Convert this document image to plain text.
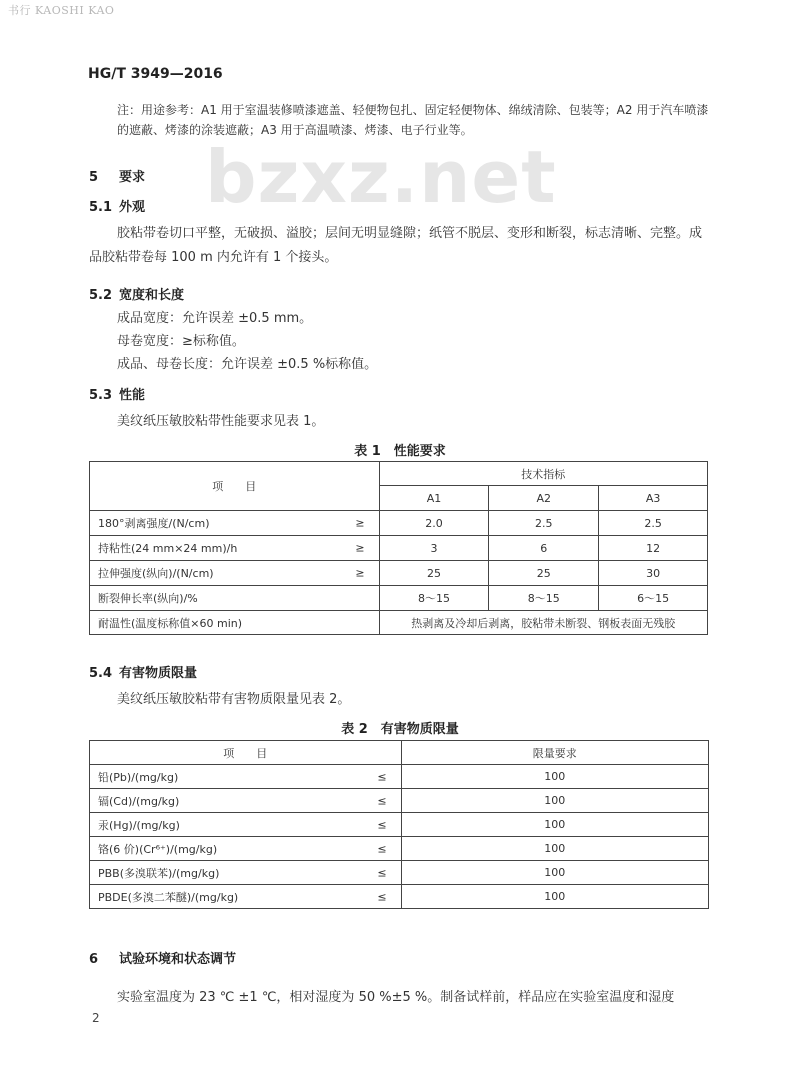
书行 KAOSHI KAO
HG/T 3949—2016
注：用途参考：A1 用于室温装修喷漆遮盖、轻便物包扎、固定轻便物体、绵绒清除、包装等；A2 用于汽车喷漆的遮蔽、烤漆的涂装遮蔽；A3 用于高温喷漆、烤漆、电子行业等。
bzxz.net
5 要求
5.1 外观
胶粘带卷切口平整，无破损、溢胶；层间无明显缝隙；纸管不脱层、变形和断裂，标志清晰、完整。成品胶粘带卷每 100 m 内允许有 1 个接头。
5.2 宽度和长度
成品宽度：允许误差 ±0.5 mm。
母卷宽度：≥标称值。
成品、母卷长度：允许误差 ±0.5 %标称值。
5.3 性能
美纹纸压敏胶粘带性能要求见表 1。
表 1　性能要求
项　　目	技术指标		
	A1	A2	A3
180°剥离强度/(N/cm) ≥	2.0	2.5	2.5
持粘性(24 mm×24 mm)/h ≥	3	6	12
拉伸强度(纵向)/(N/cm) ≥	25	25	30
断裂伸长率(纵向)/%	8～15	8～15	6～15
耐温性(温度标称值×60 min)	热剥离及冷却后剥离，胶粘带未断裂、钢板表面无残胶		
5.4 有害物质限量
美纹纸压敏胶粘带有害物质限量见表 2。
表 2　有害物质限量
项　　目	限量要求
铅(Pb)/(mg/kg) ≤	100
镉(Cd)/(mg/kg) ≤	100
汞(Hg)/(mg/kg) ≤	100
铬(6 价)(Cr⁶⁺)/(mg/kg) ≤	100
PBB(多溴联苯)/(mg/kg) ≤	100
PBDE(多溴二苯醚)/(mg/kg) ≤	100
6 试验环境和状态调节
实验室温度为 23 ℃ ±1 ℃，相对湿度为 50 %±5 %。制备试样前，样品应在实验室温度和湿度
2
